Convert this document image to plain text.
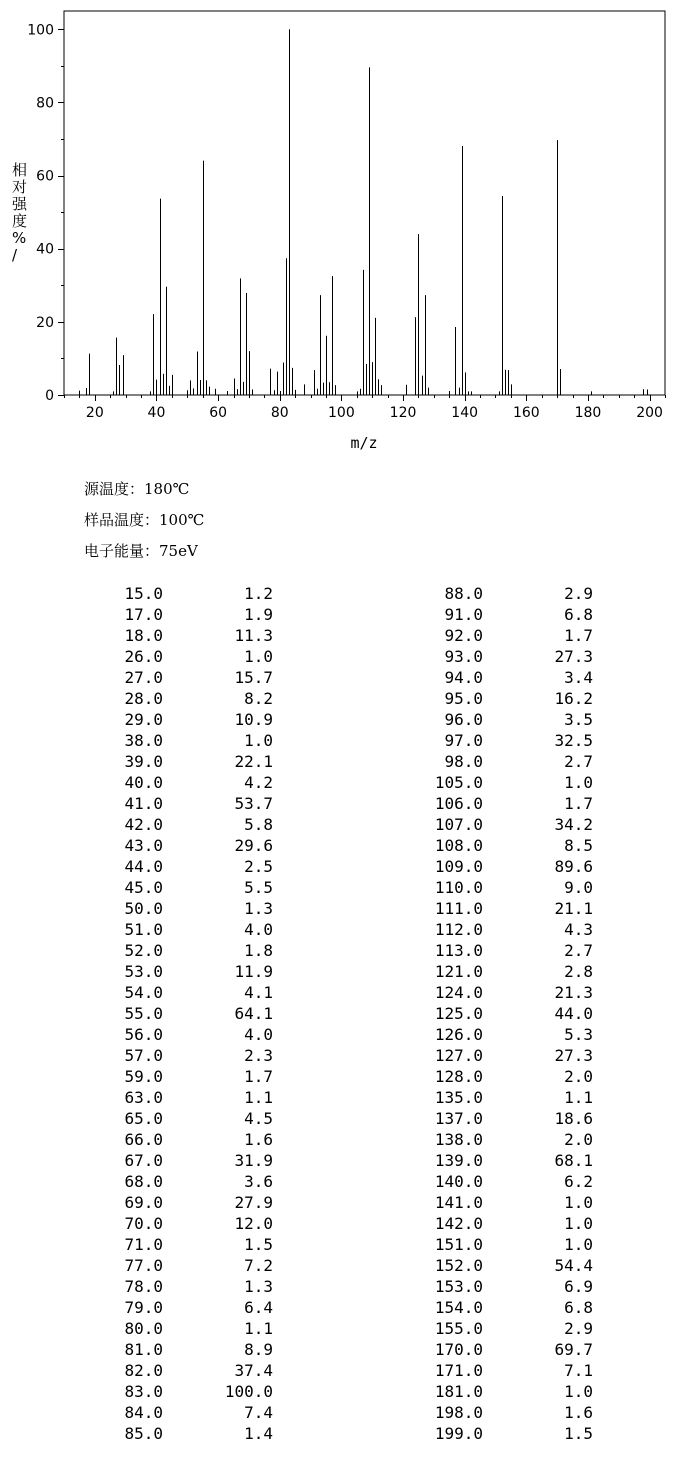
20	40	60	80	100 120 140 160 180 200
0
20
40
60
80
100
m/z
相对强度% /
源温度：180℃
样品温度：100℃
电子能量：75eV
15.0	1.2
17.0	1.9
18.0	11.3
26.0	1.0
27.0	15.7
28.0	8.2
29.0	10.9
38.0	1.0
39.0	22.1
40.0	4.2
41.0	53.7
42.0	5.8
43.0	29.6
44.0	2.5
45.0	5.5
50.0	1.3
51.0	4.0
52.0	1.8
53.0	11.9
54.0	4.1
55.0	64.1
56.0	4.0
57.0	2.3
59.0	1.7
63.0	1.1
65.0	4.5
66.0	1.6
67.0	31.9
68.0	3.6
69.0	27.9
70.0	12.0
71.0	1.5
77.0	7.2
78.0	1.3
79.0	6.4
80.0	1.1
81.0	8.9
82.0	37.4
83.0	100.0
84.0	7.4
85.0	1.4
88.0	2.9
91.0	6.8
92.0	1.7
93.0	27.3
94.0	3.4
95.0	16.2
96.0	3.5
97.0	32.5
98.0	2.7
105.0	1.0
106.0	1.7
107.0	34.2
108.0	8.5
109.0	89.6
110.0	9.0
111.0	21.1
112.0	4.3
113.0	2.7
121.0	2.8
124.0	21.3
125.0	44.0
126.0	5.3
127.0	27.3
128.0	2.0
135.0	1.1
137.0	18.6
138.0	2.0
139.0	68.1
140.0	6.2
141.0	1.0
142.0	1.0
151.0	1.0
152.0	54.4
153.0	6.9
154.0	6.8
155.0	2.9
170.0	69.7
171.0	7.1
181.0	1.0
198.0	1.6
199.0	1.5
